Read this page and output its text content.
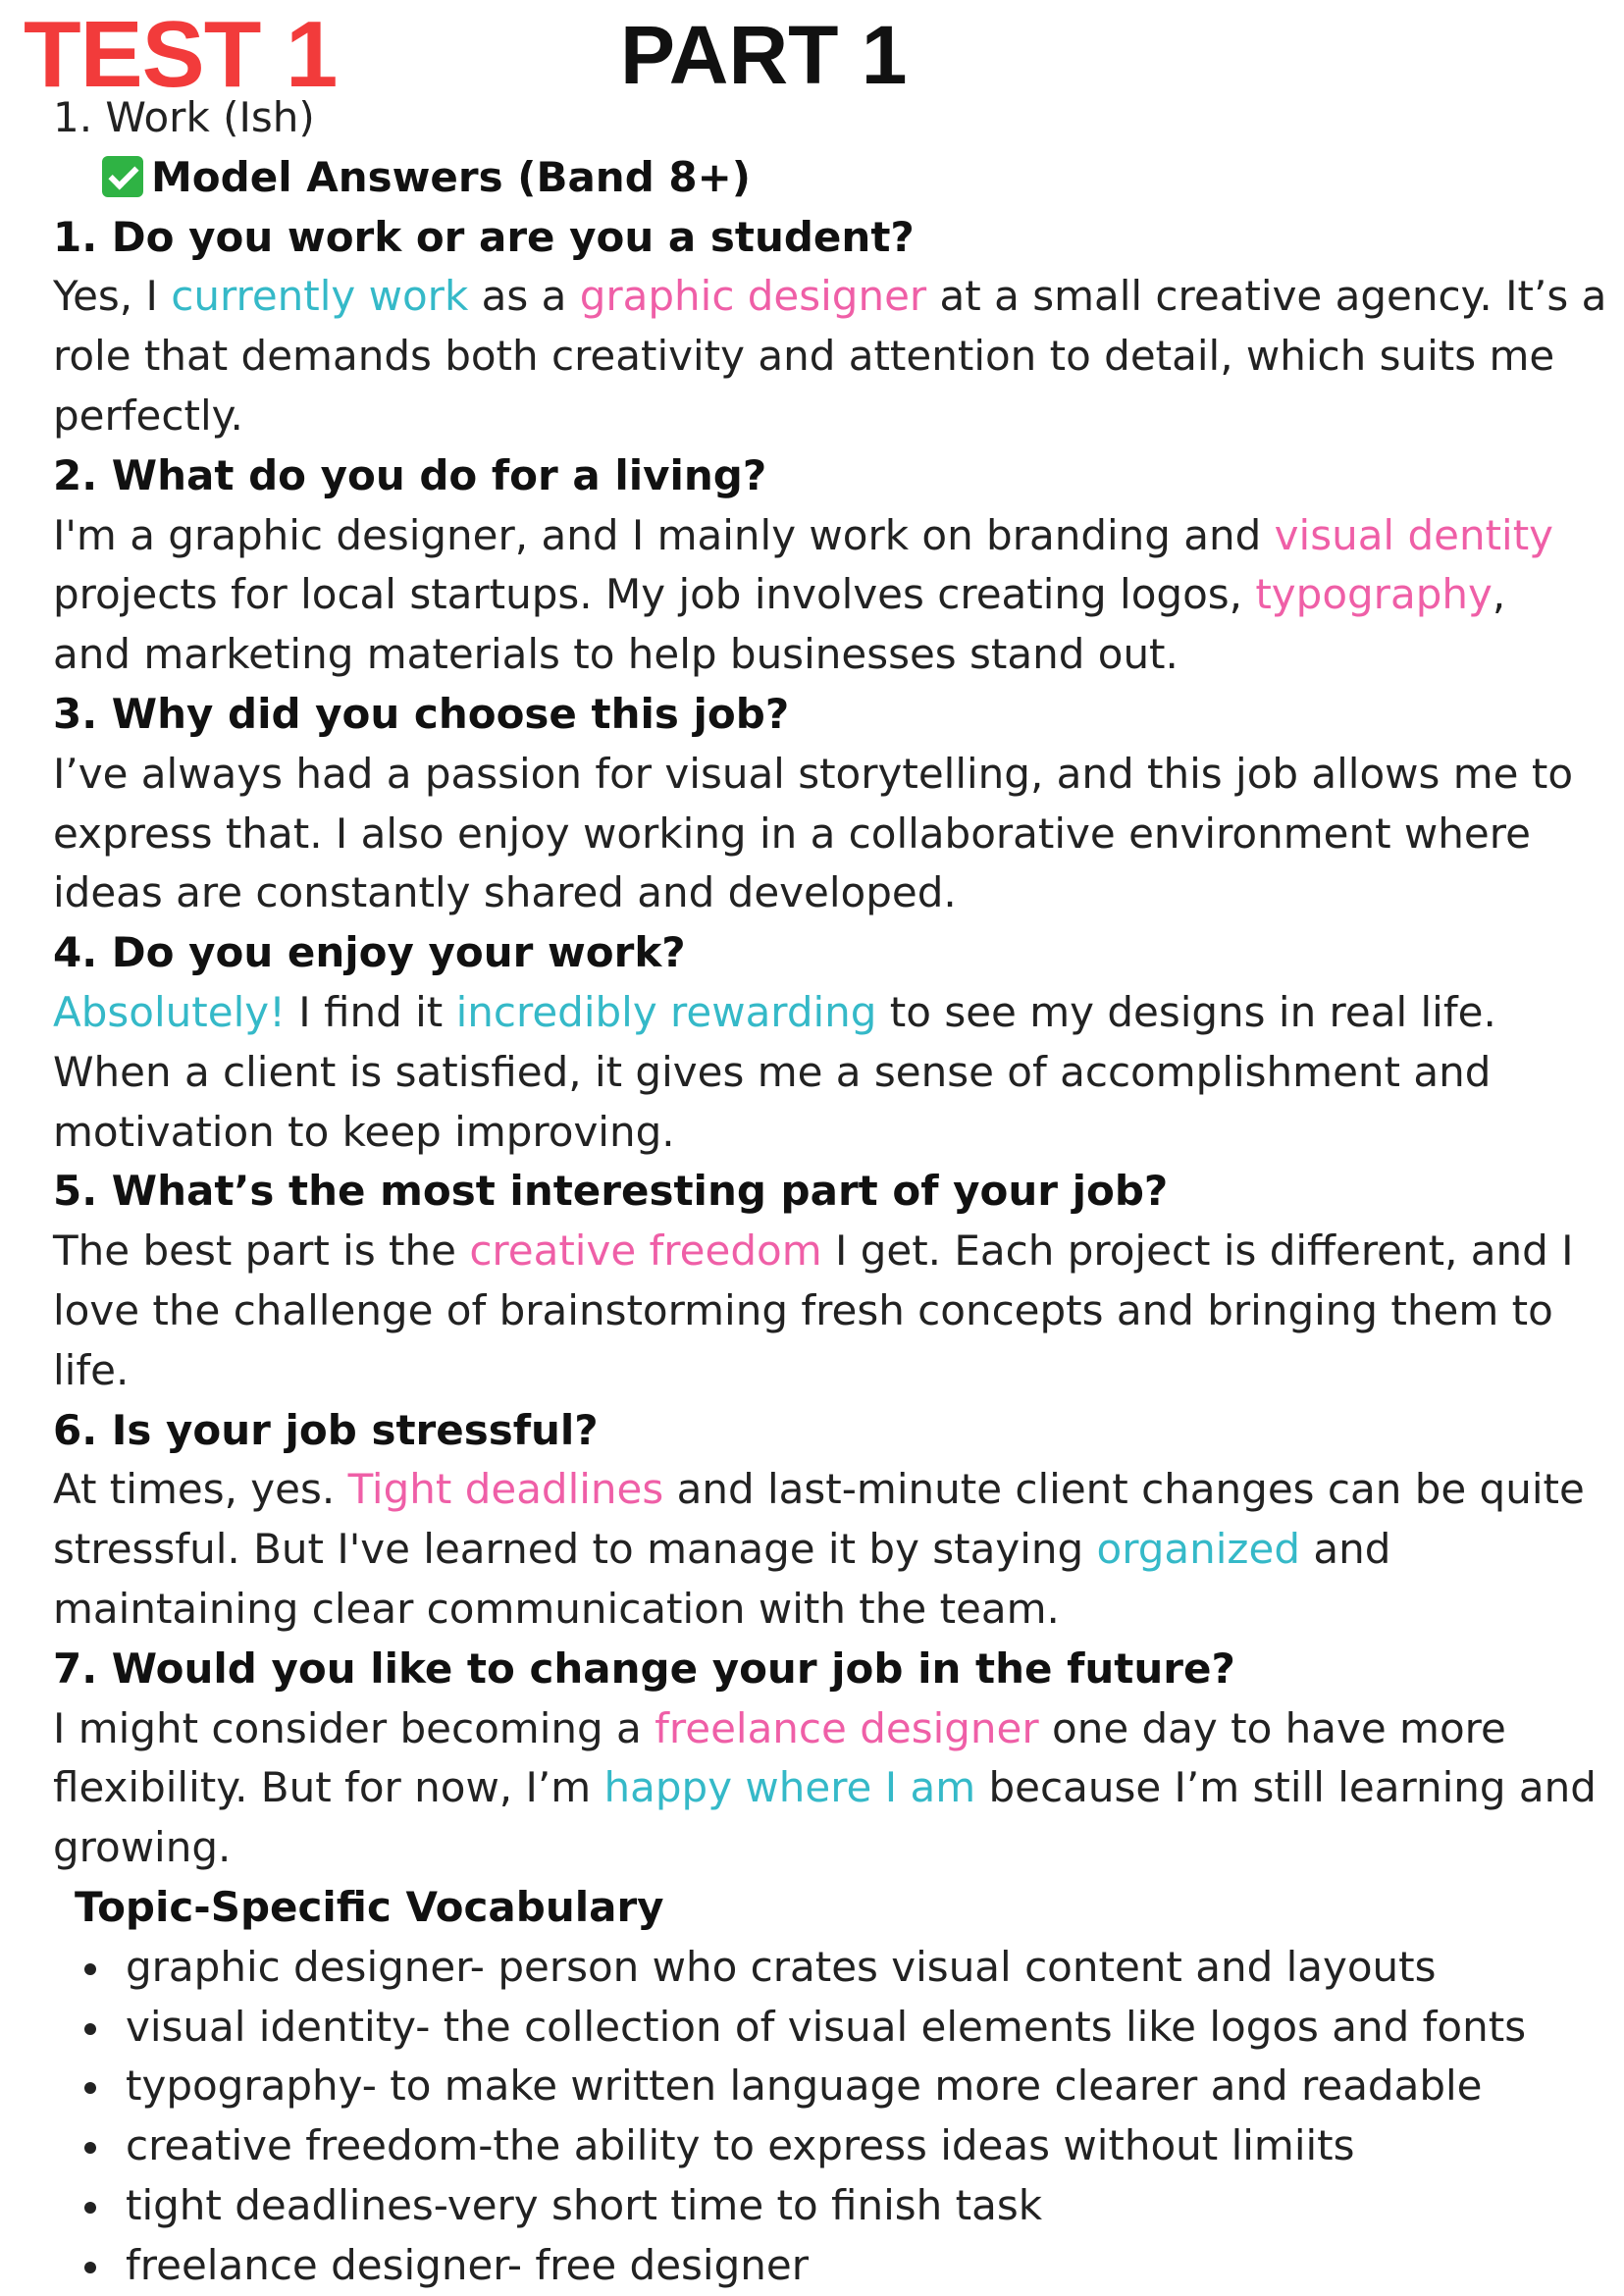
TEST 1	PART 1
1. Work (Ish)
Model Answers (Band 8+)
1. Do you work or are you a student?
Yes, I currently work as a graphic designer at a small creative agency. It’s a
role that demands both creativity and attention to detail, which suits me
perfectly.
2. What do you do for a living?
I'm a graphic designer, and I mainly work on branding and visual dentity
projects for local startups. My job involves creating logos, typography,
and marketing materials to help businesses stand out.
3. Why did you choose this job?
I’ve always had a passion for visual storytelling, and this job allows me to
express that. I also enjoy working in a collaborative environment where
ideas are constantly shared and developed.
4. Do you enjoy your work?
Absolutely! I find it incredibly rewarding to see my designs in real life.
When a client is satisfied, it gives me a sense of accomplishment and
motivation to keep improving.
5. What’s the most interesting part of your job?
The best part is the creative freedom I get. Each project is different, and I
love the challenge of brainstorming fresh concepts and bringing them to
life.
6. Is your job stressful?
At times, yes. Tight deadlines and last-minute client changes can be quite
stressful. But I've learned to manage it by staying organized and
maintaining clear communication with the team.
7. Would you like to change your job in the future?
I might consider becoming a freelance designer one day to have more
flexibility. But for now, I’m happy where I am because I’m still learning and
growing.
Topic-Specific Vocabulary
graphic designer- person who crates visual content and layouts
visual identity- the collection of visual elements like logos and fonts
typography- to make written language more clearer and readable
creative freedom-the ability to express ideas without limiits
tight deadlines-very short time to finish task
freelance designer- free designer
